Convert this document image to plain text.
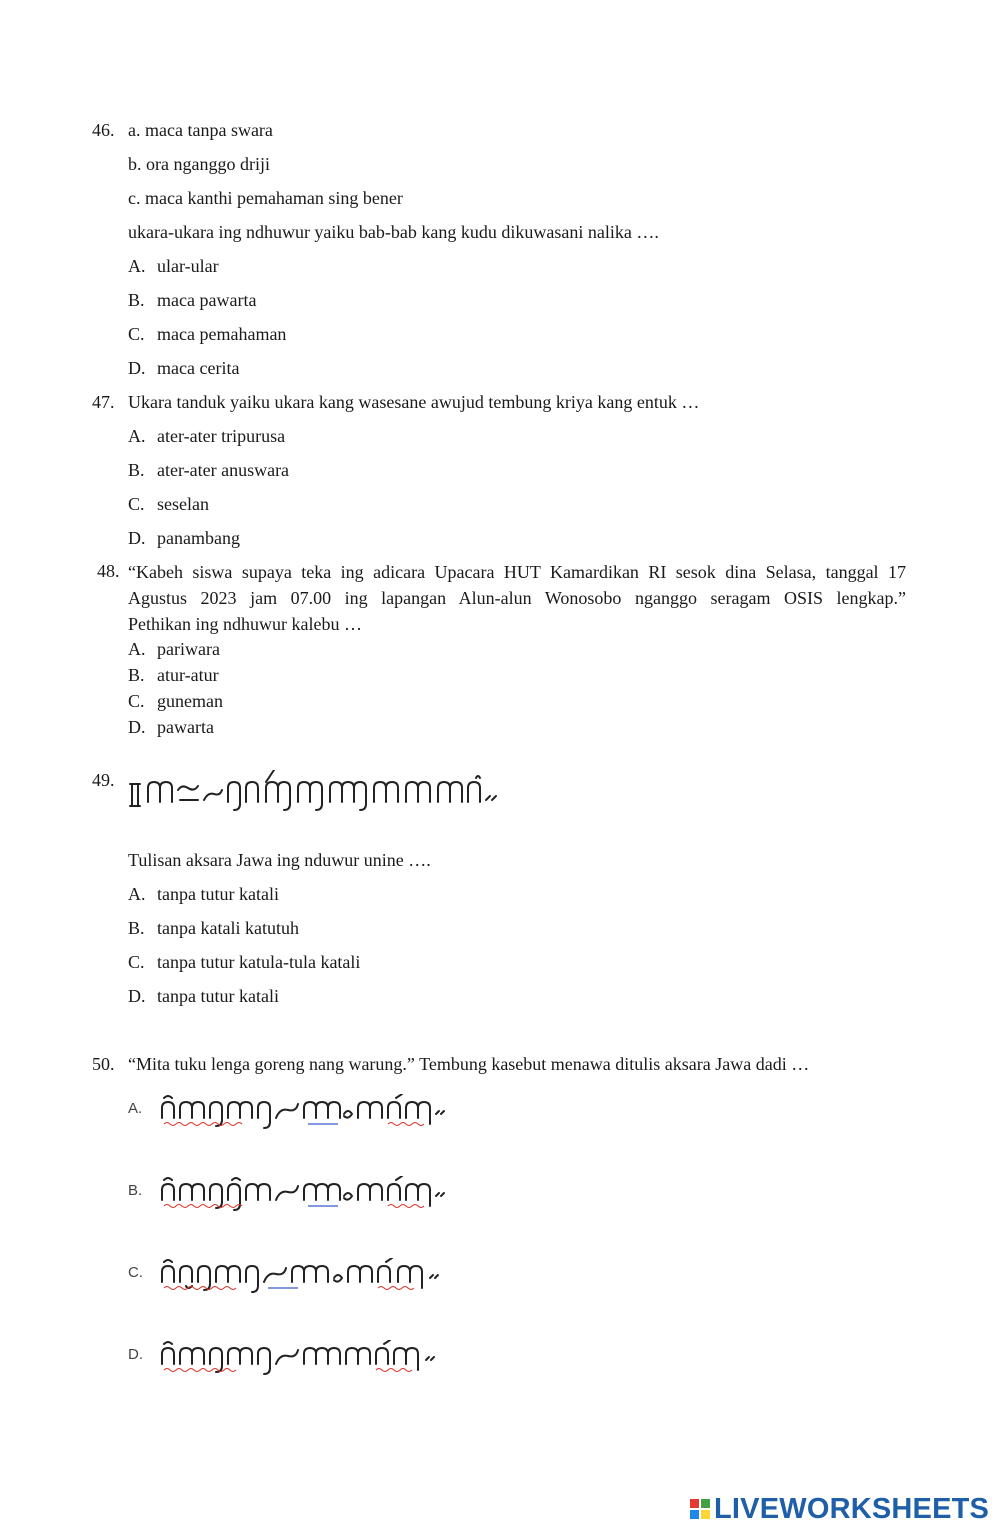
46. a. maca tanpa swara
b. ora nganggo driji
c. maca kanthi pemahaman sing bener
ukara-ukara ing ndhuwur yaiku bab-bab kang kudu dikuwasani nalika ….
A. ular-ular
B. maca pawarta
C. maca pemahaman
D. maca cerita
47. Ukara tanduk yaiku ukara kang wasesane awujud tembung kriya kang entuk …
A. ater-ater tripurusa
B. ater-ater anuswara
C. seselan
D. panambang
48. “Kabeh siswa supaya teka ing adicara Upacara HUT Kamardikan RI sesok dina Selasa, tanggal 17
Agustus 2023 jam 07.00 ing lapangan Alun-alun Wonosobo nganggo seragam OSIS lengkap.”
Pethikan ing ndhuwur kalebu …
A. pariwara
B. atur-atur
C. guneman
D. pawarta
49.
Tulisan aksara Jawa ing nduwur unine ….
A. tanpa tutur katali
B. tanpa katali katutuh
C. tanpa tutur katula-tula katali
D. tanpa tutur katali
50. “Mita tuku lenga goreng nang warung.” Tembung kasebut menawa ditulis aksara Jawa dadi …
A.
B.
C.
D.
LIVEWORKSHEETS
